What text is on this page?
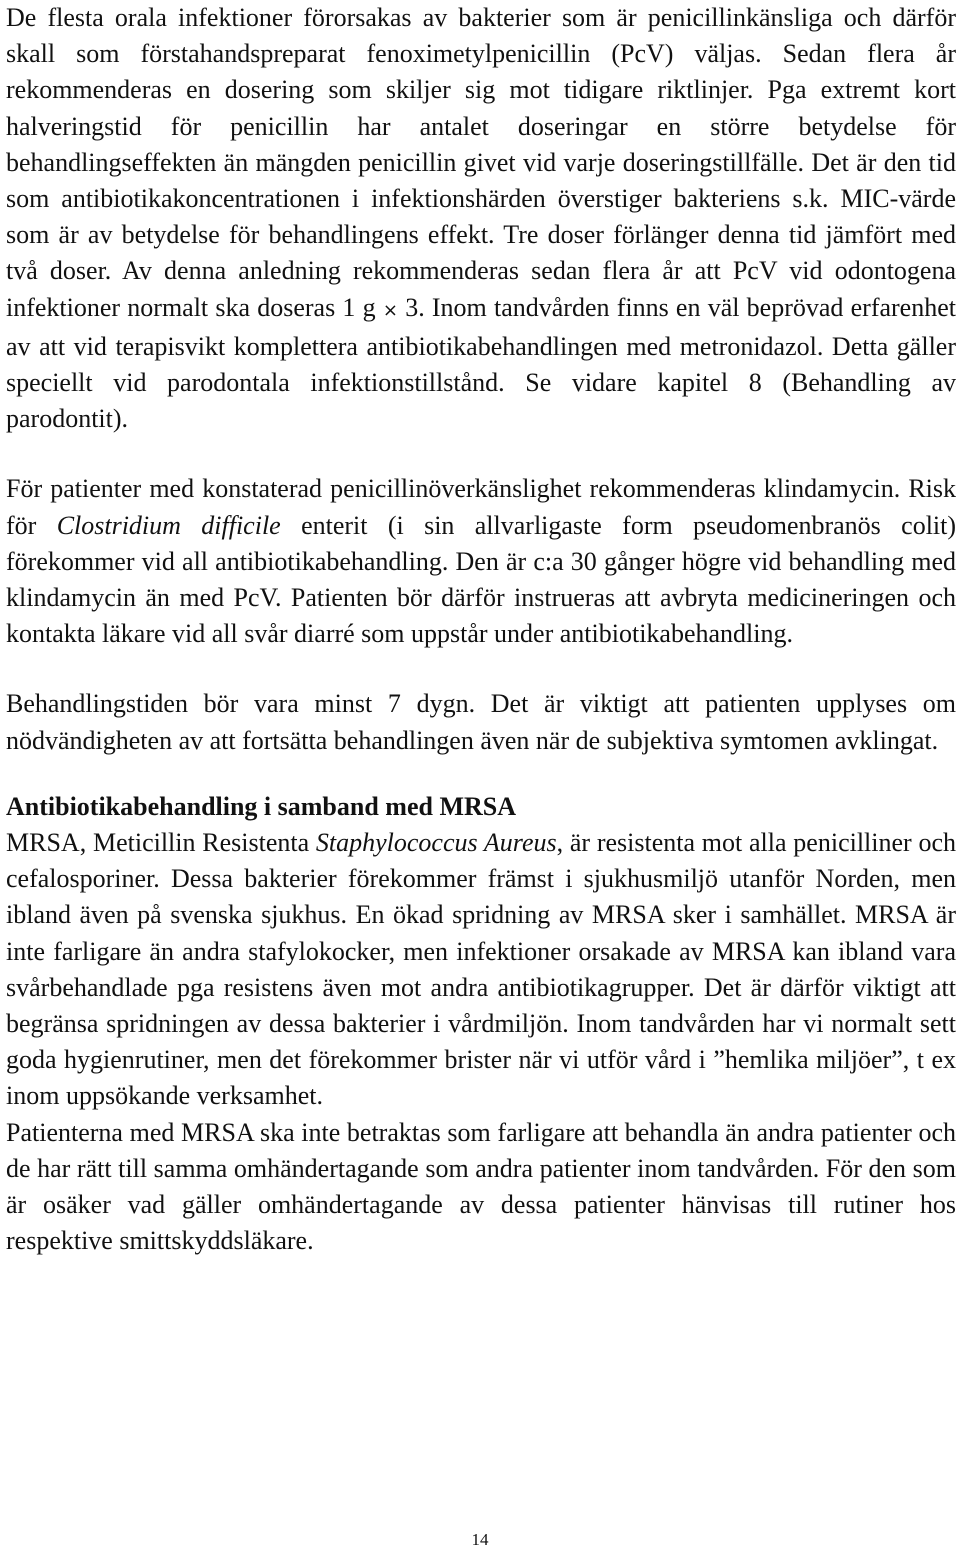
De flesta orala infektioner förorsakas av bakterier som är penicillinkänsliga och därför skall som förstahandspreparat fenoximetylpenicillin (PcV) väljas. Sedan flera år rekommenderas en dosering som skiljer sig mot tidigare riktlinjer. Pga extremt kort halveringstid för penicillin har antalet doseringar en större betydelse för behandlingseffekten än mängden penicillin givet vid varje doseringstillfälle. Det är den tid som antibiotikakoncentrationen i infektionshärden överstiger bakteriens s.k. MIC-värde som är av betydelse för behandlingens effekt. Tre doser förlänger denna tid jämfört med två doser. Av denna anledning rekommenderas sedan flera år att PcV vid odontogena infektioner normalt ska doseras 1 g × 3. Inom tandvården finns en väl beprövad erfarenhet av att vid terapisvikt komplettera antibiotikabehandlingen med metronidazol. Detta gäller speciellt vid parodontala infektionstillstånd. Se vidare kapitel 8 (Behandling av parodontit).

För patienter med konstaterad penicillinöverkänslighet rekommenderas klindamycin. Risk för Clostridium difficile enterit (i sin allvarligaste form pseudomenbranös colit) förekommer vid all antibiotikabehandling. Den är c:a 30 gånger högre vid behandling med klindamycin än med PcV. Patienten bör därför instrueras att avbryta medicineringen och kontakta läkare vid all svår diarré som uppstår under antibiotikabehandling.

Behandlingstiden bör vara minst 7 dygn. Det är viktigt att patienten upplyses om nödvändigheten av att fortsätta behandlingen även när de subjektiva symtomen avklingat.

Antibiotikabehandling i samband med MRSA

MRSA, Meticillin Resistenta Staphylococcus Aureus, är resistenta mot alla penicilliner och cefalosporiner. Dessa bakterier förekommer främst i sjukhusmiljö utanför Norden, men ibland även på svenska sjukhus. En ökad spridning av MRSA sker i samhället. MRSA är inte farligare än andra stafylokocker, men infektioner orsakade av MRSA kan ibland vara svårbehandlade pga resistens även mot andra antibiotikagrupper. Det är därför viktigt att begränsa spridningen av dessa bakterier i vårdmiljön. Inom tandvården har vi normalt sett goda hygienrutiner, men det förekommer brister när vi utför vård i ”hemlika miljöer”, t ex inom uppsökande verksamhet.

Patienterna med MRSA ska inte betraktas som farligare att behandla än andra patienter och de har rätt till samma omhändertagande som andra patienter inom tandvården. För den som är osäker vad gäller omhändertagande av dessa patienter hänvisas till rutiner hos respektive smittskyddsläkare.

14
